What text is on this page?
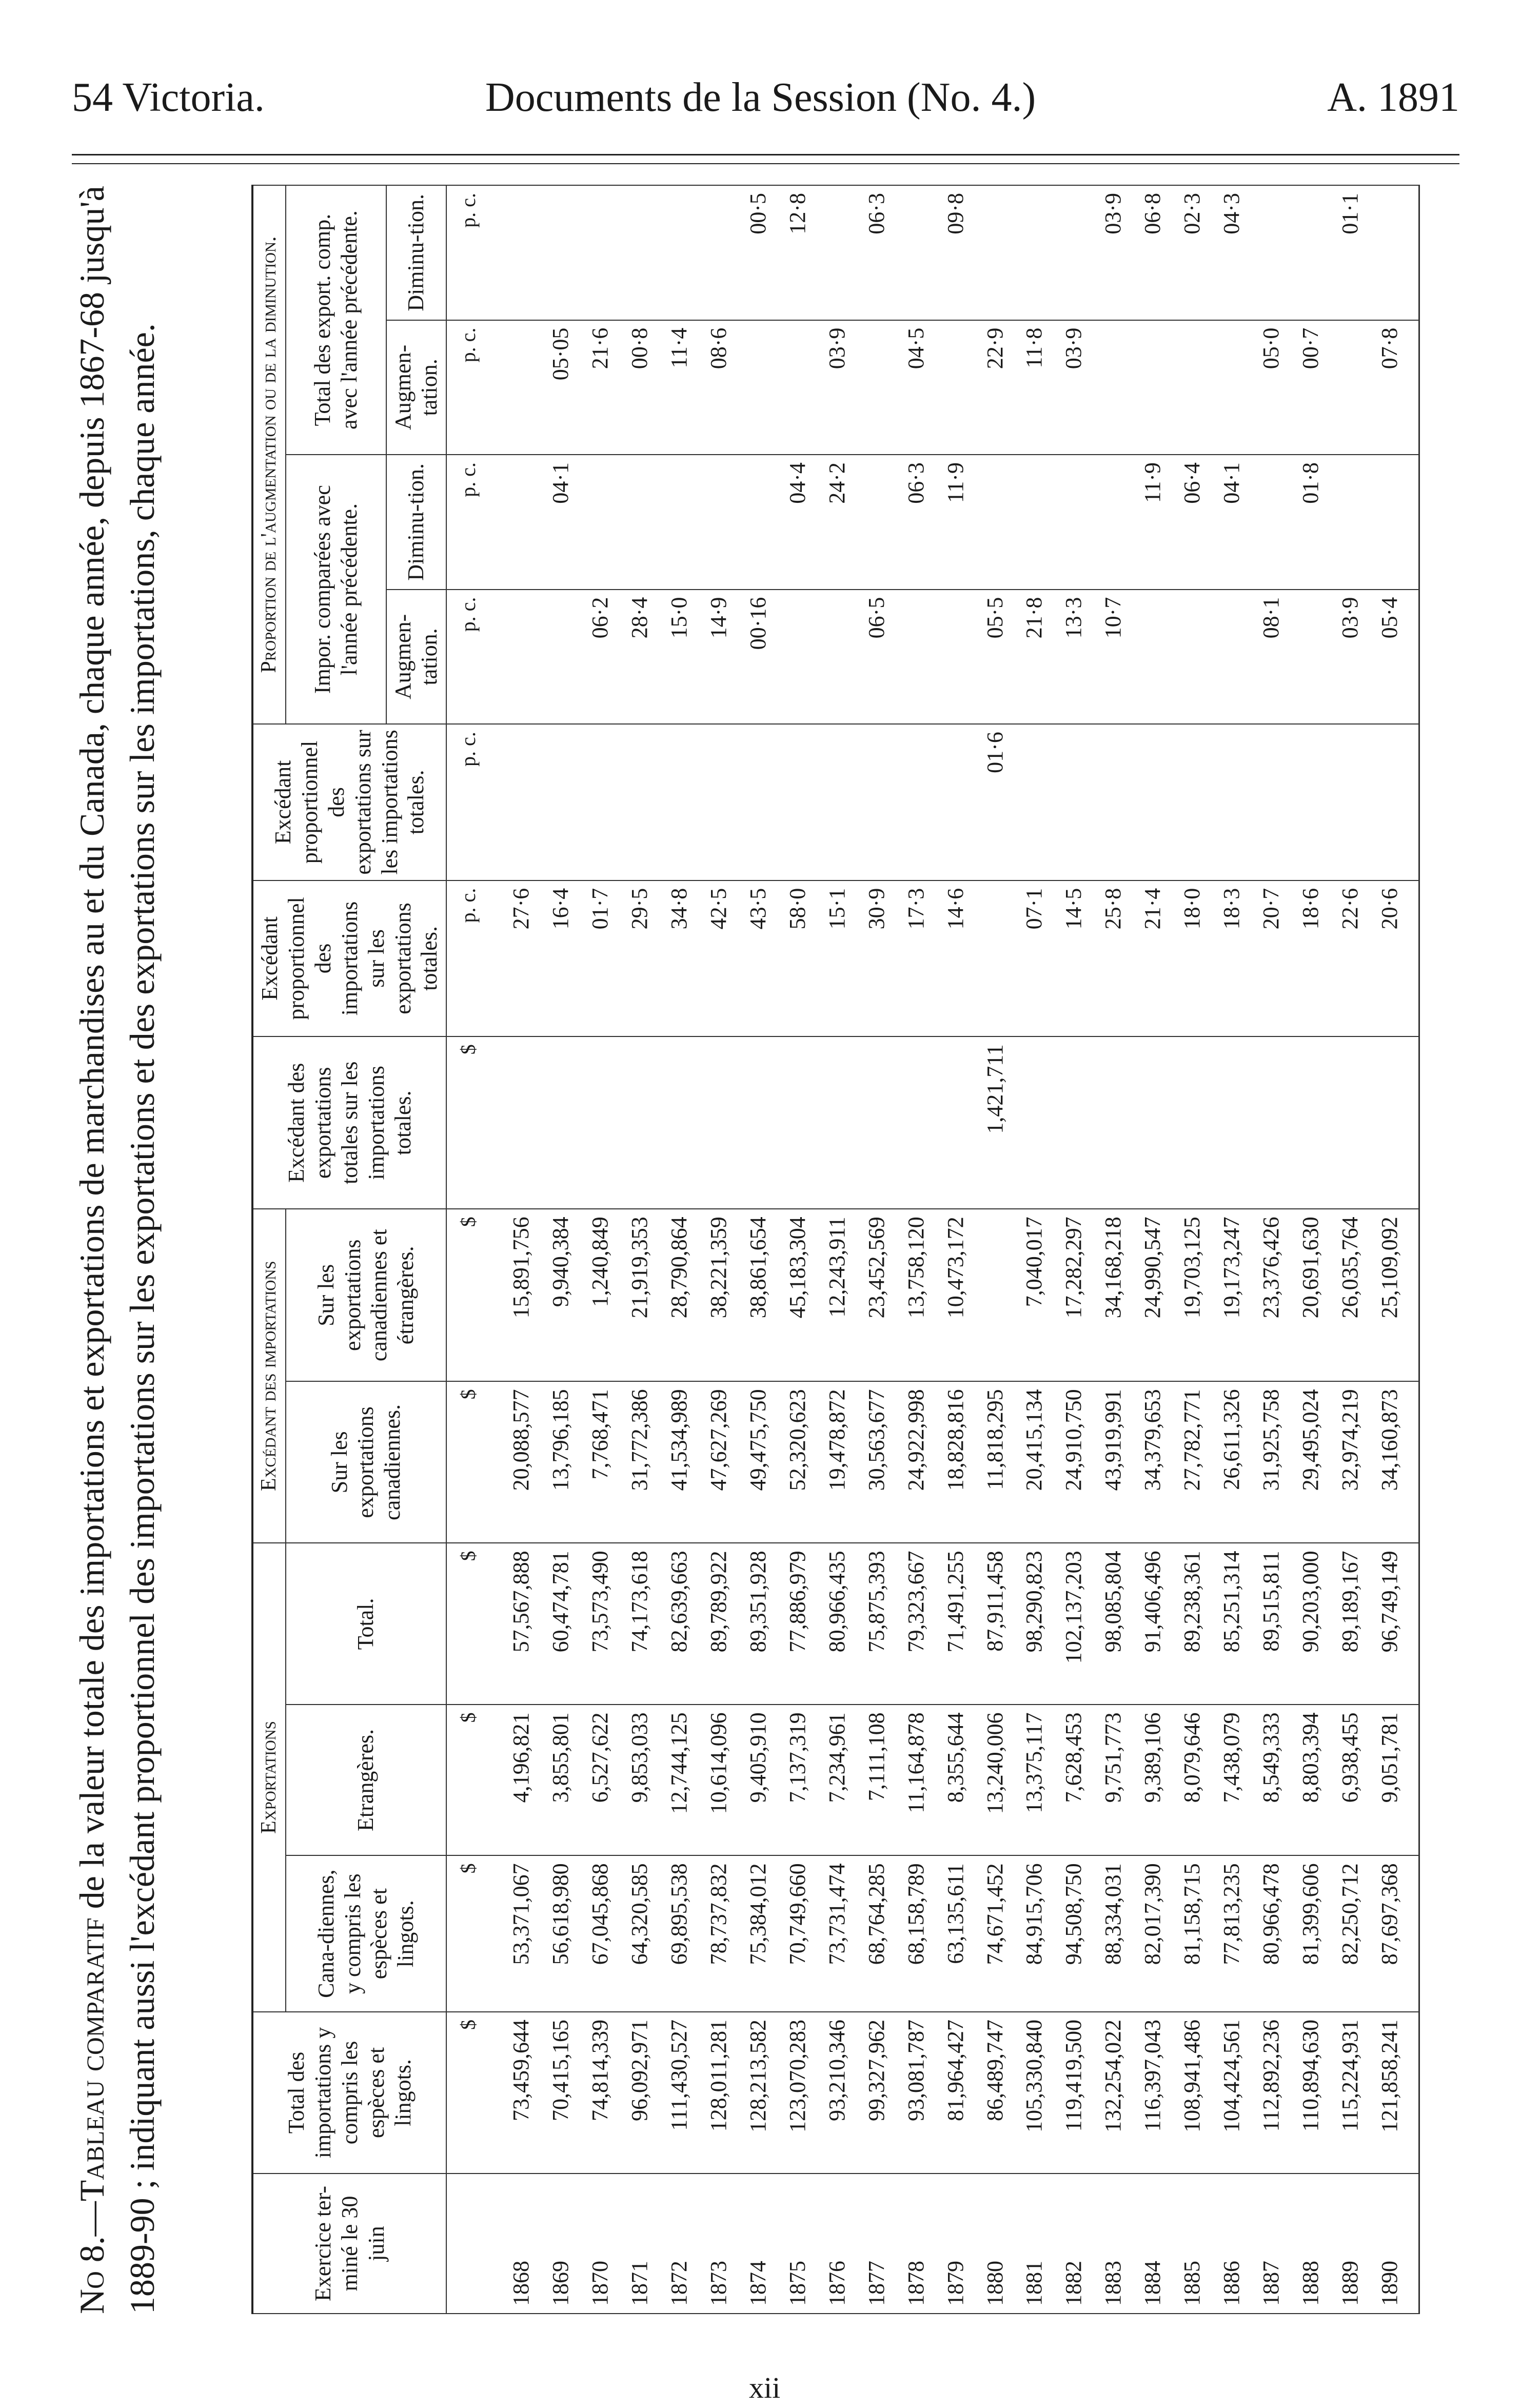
54 Victoria.	Documents de la Session (No. 4.)	A. 1891
No 8.—Tableau comparatif de la valeur totale des importations et exportations de marchandises au et du Canada, chaque année, depuis 1867-68 jusqu'à 1889-90 ; indiquant aussi l'excédant proportionnel des importations sur les exportations et des exportations sur les importations, chaque année.	Exercice ter-miné le 30 juin	Total des importations y compris les espèces et lingots.	Exportations			Excédant des importations		Excédant des exportations totales sur les importations totales.	Excédant proportionnel des importations sur les exportations totales.	Excédant proportionnel des exportations sur les importations totales.	Proportion de l'augmentation ou de la diminution.			
		Cana-diennes, y compris les espèces et lingots.	Etrangères.	Total.	Sur les exportations canadiennes.	Sur les exportations canadiennes et étrangères.				Impor. comparées avec l'année précédente.		Total des export. comp. avec l'année précédente.	
										Augmen-tation.	Diminu-tion.	Augmen-tation.	Diminu-tion.
	$	$	$	$	$	$	$	p. c.	p. c.	p. c.	p. c.	p. c.	p. c.
1868	73,459,644	53,371,067	4,196,821	57,567,888	20,088,577	15,891,756		27·6					
1869	70,415,165	56,618,980	3,855,801	60,474,781	13,796,185	9,940,384		16·4			04·1	05·05	
1870	74,814,339	67,045,868	6,527,622	73,573,490	7,768,471	1,240,849		01·7		06·2		21·6	
1871	96,092,971	64,320,585	9,853,033	74,173,618	31,772,386	21,919,353		29·5		28·4		00·8	
1872	111,430,527	69,895,538	12,744,125	82,639,663	41,534,989	28,790,864		34·8		15·0		11·4	
1873	128,011,281	78,737,832	10,614,096	89,789,922	47,627,269	38,221,359		42·5		14·9		08·6	
1874	128,213,582	75,384,012	9,405,910	89,351,928	49,475,750	38,861,654		43·5		00·16			00·5
1875	123,070,283	70,749,660	7,137,319	77,886,979	52,320,623	45,183,304		58·0			04·4		12·8
1876	93,210,346	73,731,474	7,234,961	80,966,435	19,478,872	12,243,911		15·1			24·2	03·9	
1877	99,327,962	68,764,285	7,111,108	75,875,393	30,563,677	23,452,569		30·9		06·5			06·3
1878	93,081,787	68,158,789	11,164,878	79,323,667	24,922,998	13,758,120		17·3			06·3	04·5	
1879	81,964,427	63,135,611	8,355,644	71,491,255	18,828,816	10,473,172		14·6			11·9		09·8
1880	86,489,747	74,671,452	13,240,006	87,911,458	11,818,295		1,421,711		01·6	05·5		22·9	
1881	105,330,840	84,915,706	13,375,117	98,290,823	20,415,134	7,040,017		07·1		21·8		11·8	
1882	119,419,500	94,508,750	7,628,453	102,137,203	24,910,750	17,282,297		14·5		13·3		03·9	
1883	132,254,022	88,334,031	9,751,773	98,085,804	43,919,991	34,168,218		25·8		10·7			03·9
1884	116,397,043	82,017,390	9,389,106	91,406,496	34,379,653	24,990,547		21·4			11·9		06·8
1885	108,941,486	81,158,715	8,079,646	89,238,361	27,782,771	19,703,125		18·0			06·4		02·3
1886	104,424,561	77,813,235	7,438,079	85,251,314	26,611,326	19,173,247		18·3			04·1		04·3
1887	112,892,236	80,966,478	8,549,333	89,515,811	31,925,758	23,376,426		20·7		08·1		05·0	
1888	110,894,630	81,399,606	8,803,394	90,203,000	29,495,024	20,691,630		18·6			01·8	00·7	
1889	115,224,931	82,250,712	6,938,455	89,189,167	32,974,219	26,035,764		22·6		03·9			01·1
1890	121,858,241	87,697,368	9,051,781	96,749,149	34,160,873	25,109,092		20·6		05·4		07·8	
xii
